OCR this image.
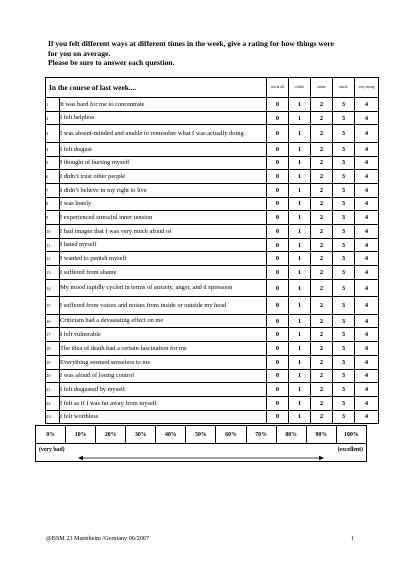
If you felt different ways at different times in the week, give a rating for how things were
for you on average.
Please be sure to answer each question.
In the course of last week....		not at all	a little	rather	much	very strong
1	It was hard for me to concentrate	0	1	2	3	4
2	I felt helpless	0	1	2	3	4
3	I was absent-minded and unable to remember what I was actually doing	0	1	2	3	4
4	I felt disgust	0	1	2	3	4
5	I thought of hurting myself	0	1	2	3	4
6	I didn’t trust other people	0	1	2	3	4
7	I didn’t believe in my right to live	0	1	2	3	4
8	I was lonely	0	1	2	3	4
9	I experienced stressful inner tension	0	1	2	3	4
10	I had images that I was very much afraid of	0	1	2	3	4
11	I hated myself	0	1	2	3	4
12	I wanted to punish myself	0	1	2	3	4
13	I suffered from shame	0	1	2	3	4
14	My mood rapidly cycled in terms of anxiety, anger, and d epression	0	1	2	3	4
15	I suffered from voices and noises from inside or outside my head	0	1	2	3	4
16	Criticism had a devastating effect on me	0	1	2	3	4
17	I felt vulnerable	0	1	2	3	4
18	The idea of death had a certain fascination for me	0	1	2	3	4
19	Everything seemed senseless to me	0	1	2	3	4
20	I was afraid of losing control	0	1	2	3	4
21	I felt disgusted by myself	0	1	2	3	4
22	I felt as if I was far away from myself	0	1	2	3	4
23	I felt worthless	0	1	2	3	4
0%	10%	20%	30%	40%	50%	60%	70%	80%	90%	100%
(very bad)	(excellent)
@BSM 23 Mannheim /Germany 06/2007	1
